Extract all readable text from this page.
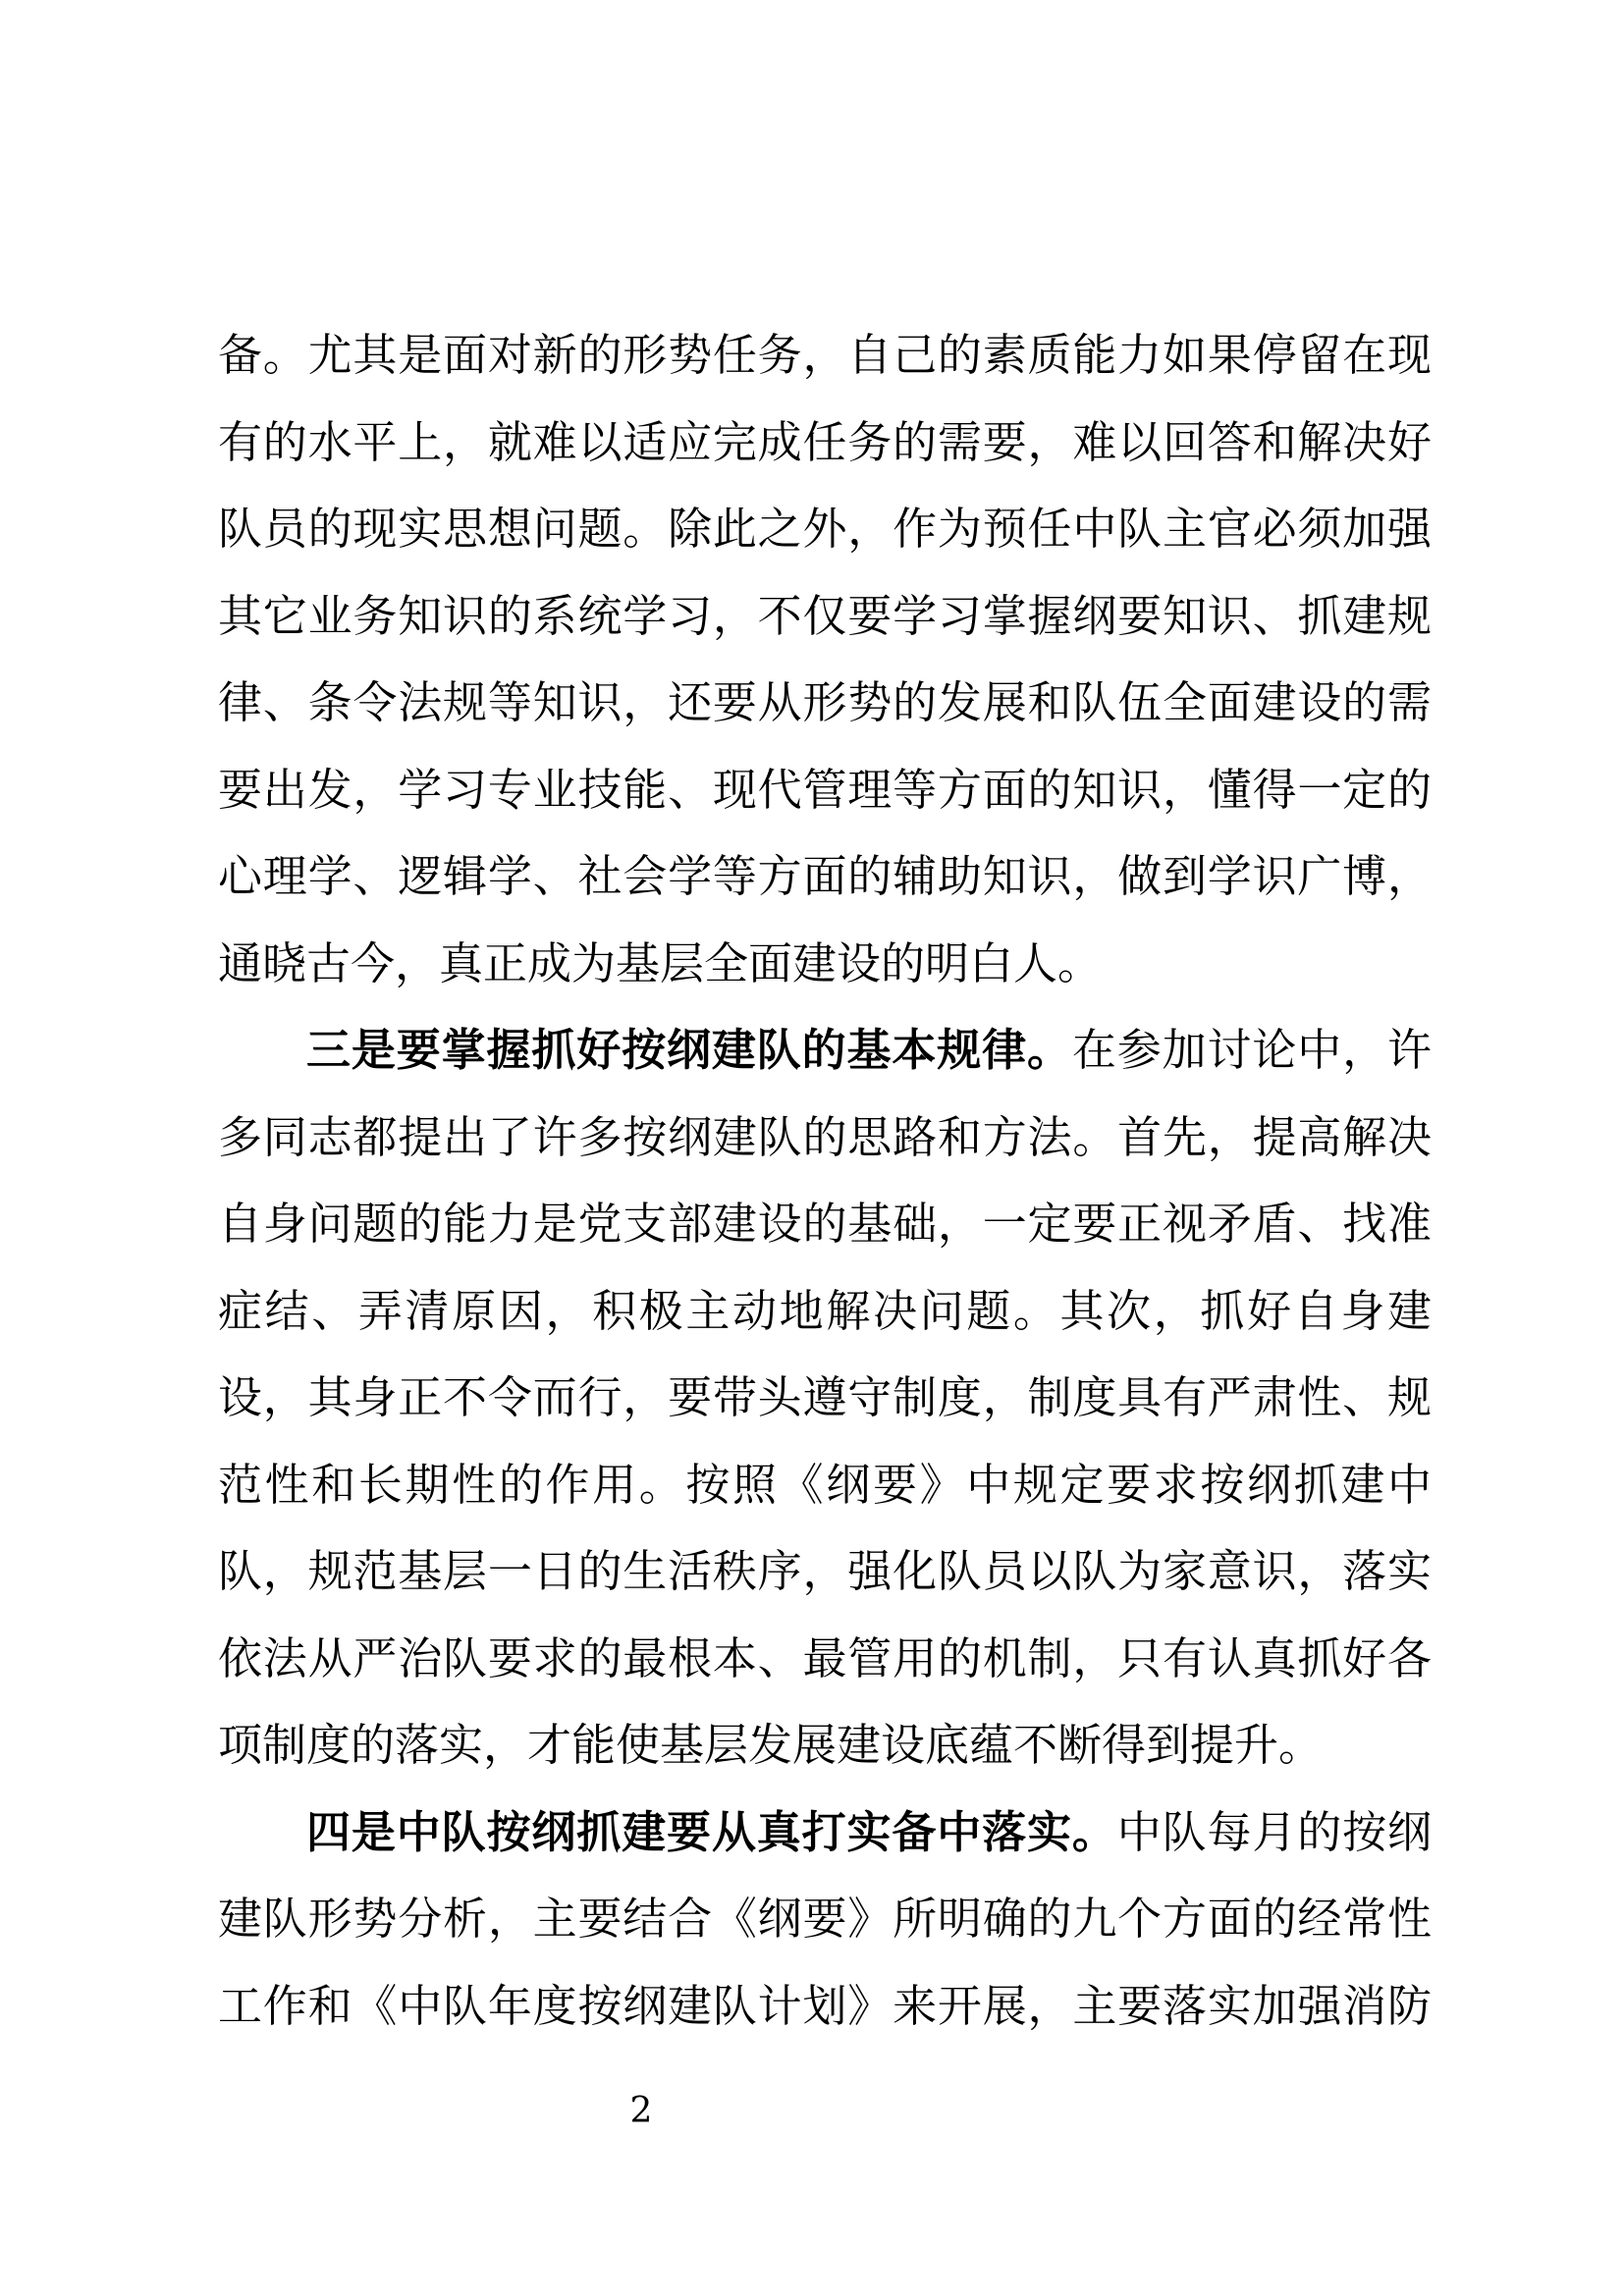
备。尤其是面对新的形势任务，自己的素质能力如果停留在现
有的水平上，就难以适应完成任务的需要，难以回答和解决好
队员的现实思想问题。除此之外，作为预任中队主官必须加强
其它业务知识的系统学习，不仅要学习掌握纲要知识、抓建规
律、条令法规等知识，还要从形势的发展和队伍全面建设的需
要出发，学习专业技能、现代管理等方面的知识，懂得一定的
心理学、逻辑学、社会学等方面的辅助知识，做到学识广博，
通晓古今，真正成为基层全面建设的明白人。
三是要掌握抓好按纲建队的基本规律。在参加讨论中，许
多同志都提出了许多按纲建队的思路和方法。首先，提高解决
自身问题的能力是党支部建设的基础，一定要正视矛盾、找准
症结、弄清原因，积极主动地解决问题。其次，抓好自身建
设，其身正不令而行，要带头遵守制度，制度具有严肃性、规
范性和长期性的作用。按照《纲要》中规定要求按纲抓建中
队，规范基层一日的生活秩序，强化队员以队为家意识，落实
依法从严治队要求的最根本、最管用的机制，只有认真抓好各
项制度的落实，才能使基层发展建设底蕴不断得到提升。
四是中队按纲抓建要从真打实备中落实。中队每月的按纲
建队形势分析，主要结合《纲要》所明确的九个方面的经常性
工作和《中队年度按纲建队计划》来开展，主要落实加强消防
2
